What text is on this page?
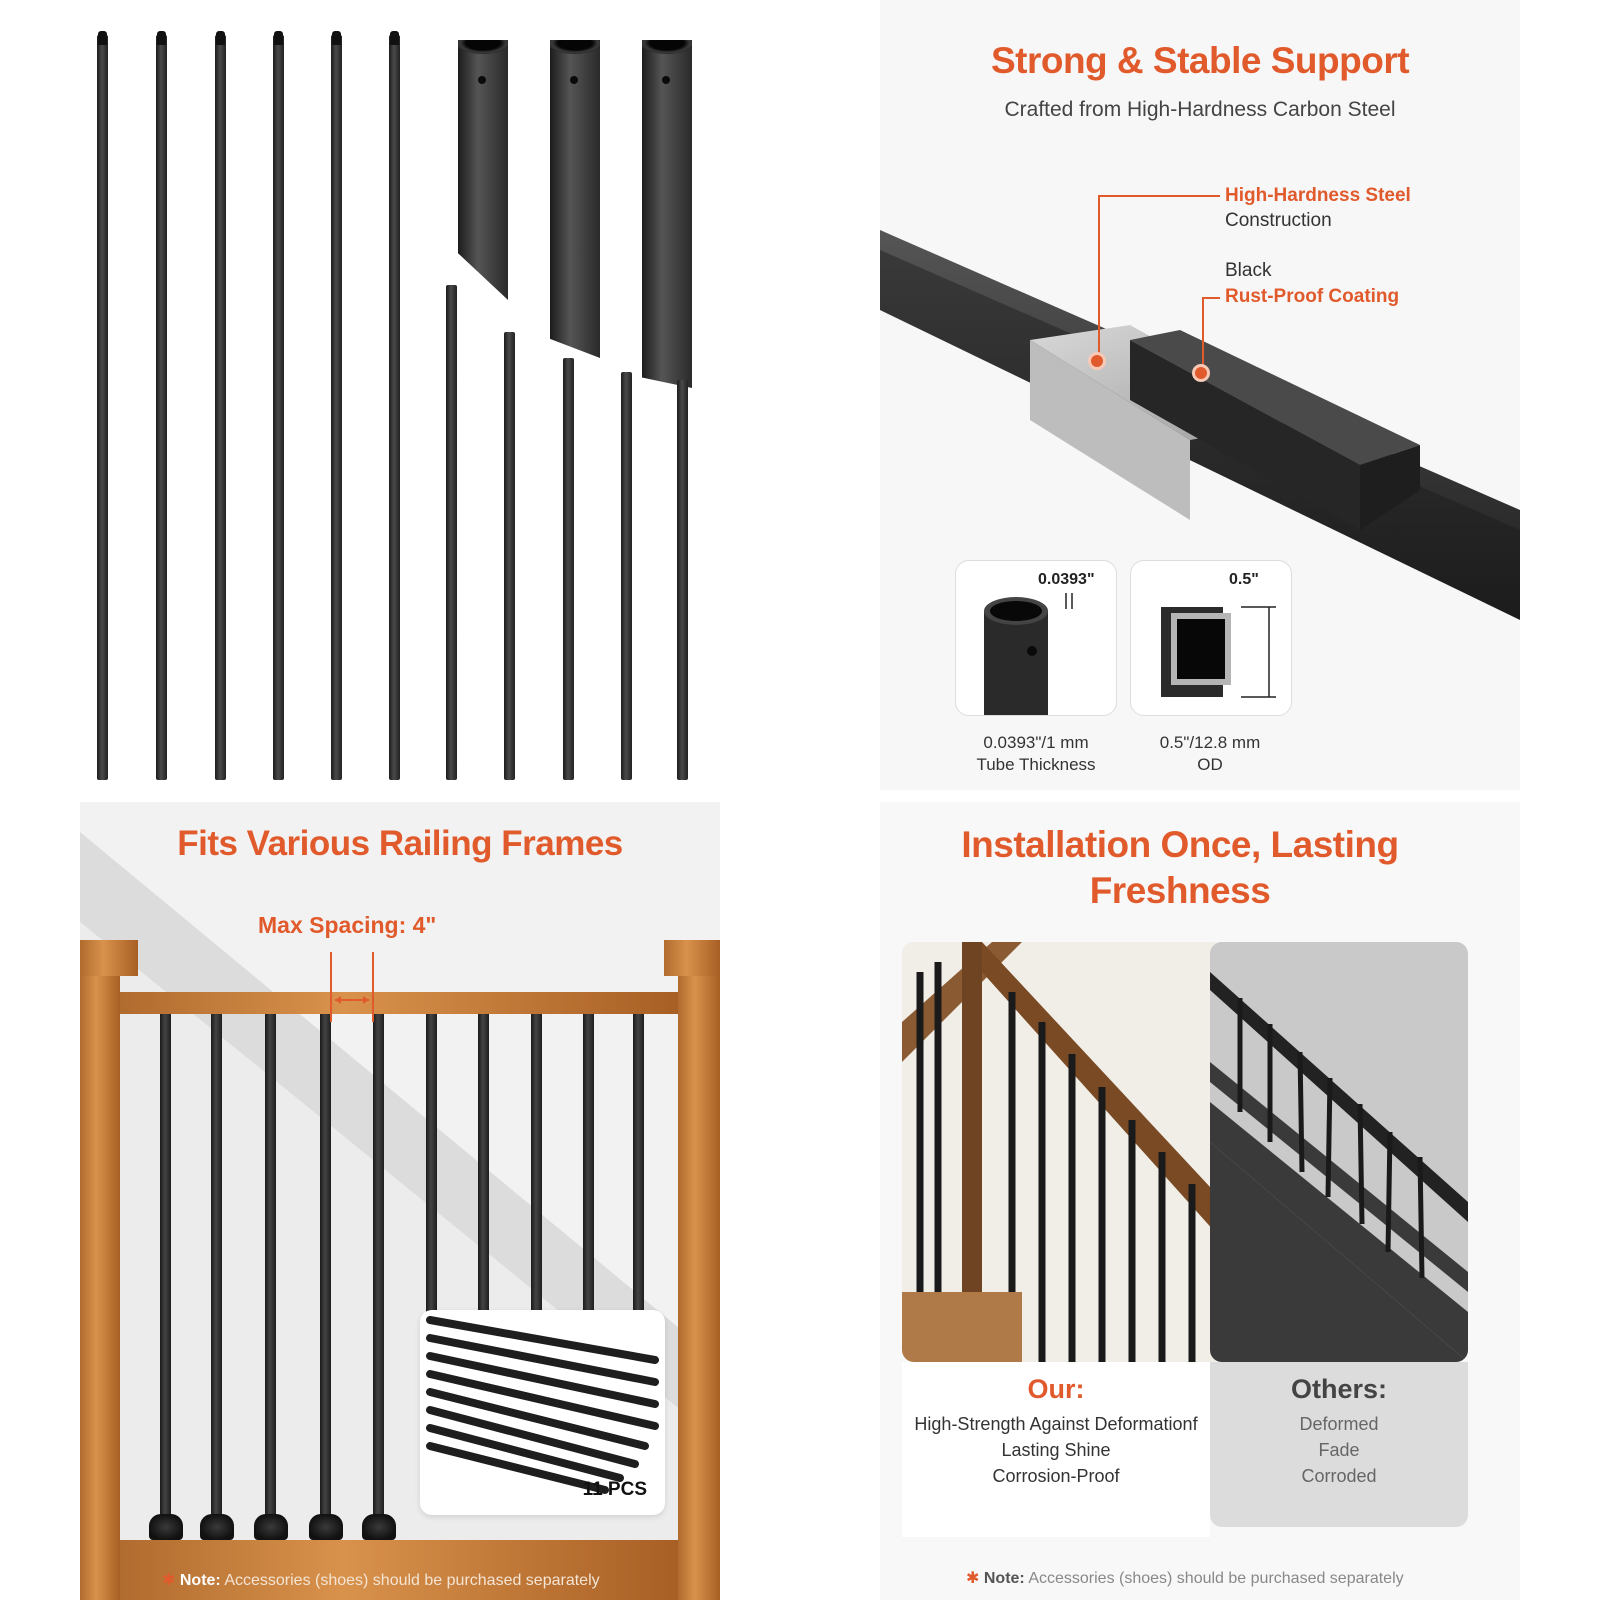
Strong & Stable Support
Crafted from High-Hardness Carbon Steel
High-Hardness Steel
Construction
Black
Rust-Proof Coating
0.0393"	0.5"
0.0393"/1 mm
Tube Thickness
0.5"/12.8 mm
OD
Fits Various Railing Frames
Max Spacing: 4"
11 PCS
✱ Note: Accessories (shoes) should be purchased separately
Installation Once, Lasting
Freshness
Our:
High-Strength Against Deformationf
Lasting Shine
Corrosion-Proof
Others:
Deformed
Fade
Corroded
✱ Note: Accessories (shoes) should be purchased separately
